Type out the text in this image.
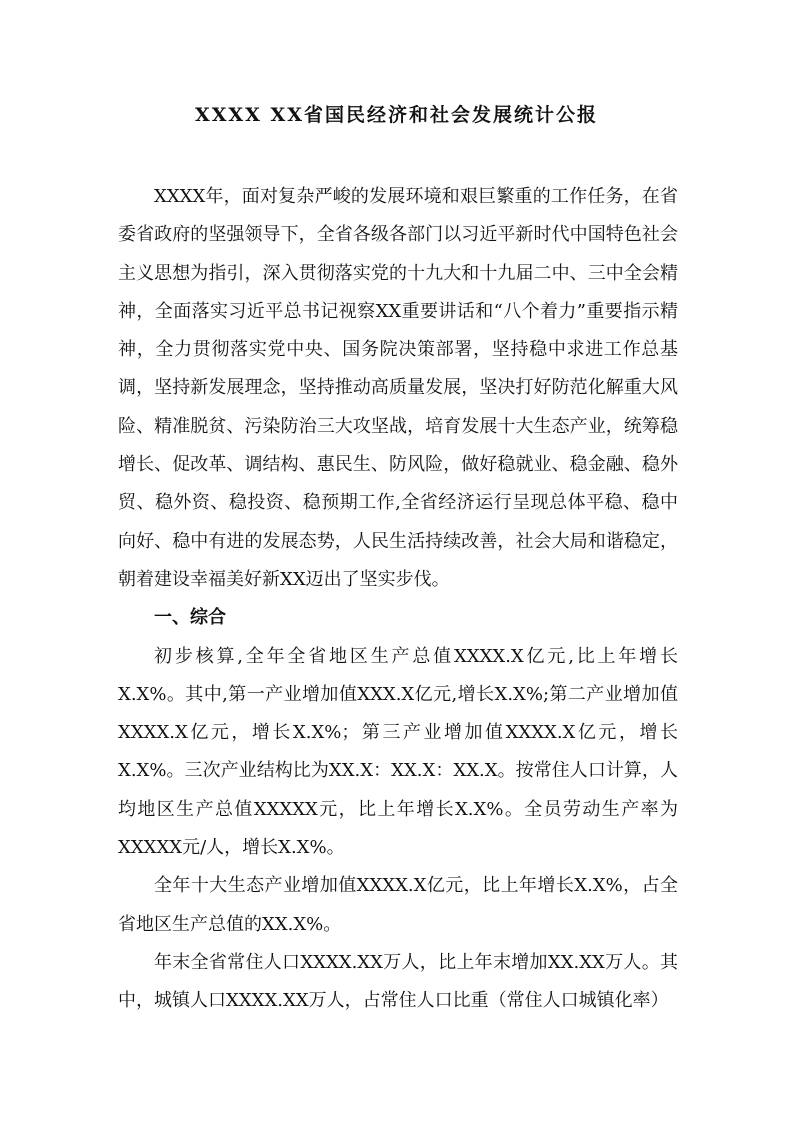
XXXX XX省国民经济和社会发展统计公报

XXXX年，面对复杂严峻的发展环境和艰巨繁重的工作任务，在省委省政府的坚强领导下，全省各级各部门以习近平新时代中国特色社会主义思想为指引，深入贯彻落实党的十九大和十九届二中、三中全会精神，全面落实习近平总书记视察XX重要讲话和“八个着力”重要指示精神，全力贯彻落实党中央、国务院决策部署，坚持稳中求进工作总基调，坚持新发展理念，坚持推动高质量发展，坚决打好防范化解重大风险、精准脱贫、污染防治三大攻坚战，培育发展十大生态产业，统筹稳增长、促改革、调结构、惠民生、防风险，做好稳就业、稳金融、稳外贸、稳外资、稳投资、稳预期工作,全省经济运行呈现总体平稳、稳中向好、稳中有进的发展态势，人民生活持续改善，社会大局和谐稳定，朝着建设幸福美好新XX迈出了坚实步伐。

一、综合

初步核算,全年全省地区生产总值XXXX.X亿元,比上年增长X.X%。其中,第一产业增加值XXX.X亿元,增长X.X%;第二产业增加值XXXX.X亿元，增长X.X%；第三产业增加值XXXX.X亿元，增长X.X%。三次产业结构比为XX.X：XX.X：XX.X。按常住人口计算，人均地区生产总值XXXXX元，比上年增长X.X%。全员劳动生产率为XXXXX元/人，增长X.X%。

全年十大生态产业增加值XXXX.X亿元，比上年增长X.X%，占全省地区生产总值的XX.X%。

年末全省常住人口XXXX.XX万人，比上年末增加XX.XX万人。其中，城镇人口XXXX.XX万人，占常住人口比重（常住人口城镇化率）
